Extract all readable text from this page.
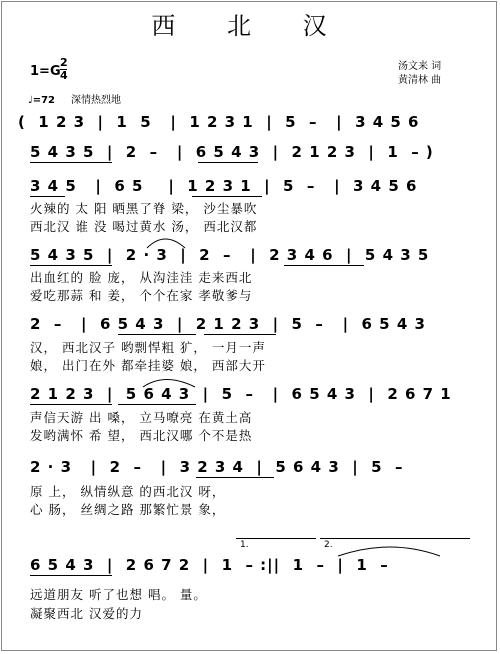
西 北 汉
1=G
2
4
汤文来 词
黄清林 曲
♩=72 深情热烈地
(  1 2 3  |  1  5   |  1 2 3 1  |  5  –   |  3 4 5 6
5 4 3 5  |  2  –   |  6 5 4 3  |  2 1 2 3  |  1  – )
3 4 5   |  6 5    |  1 2 3 1  |  5  –   |  3 4 5 6
火辣的 太 阳 晒黑了脊 梁， 沙尘暴吹
西北汉 谁 没 喝过黄水 汤， 西北汉都
5 4 3 5  |  2 · 3  |  2  –   |  2 3 4 6  |  5 4 3 5
出血红的 脸 庞， 从沟洼洼 走来西北
爱吃那蒜 和 姜， 个个在家 孝敬爹与
2  –   |  6 5 4 3  |  2 1 2 3  |  5  –   |  6 5 4 3
汉， 西北汉子 哟剽悍粗 犷， 一月一声
娘， 出门在外 都牵挂婆 娘， 西部大开
2 1 2 3  |  5 6 4 3  |  5  –   |  6 5 4 3  |  2 6 7 1
声信天游 出 嗓， 立马嘹亮 在黄土高
发哟满怀 希 望， 西北汉哪 个不是热
2 · 3   |  2  –   |  3 2 3 4  |  5 6 4 3  |  5  –
原 上， 纵情纵意 的西北汉 呀，
心 肠， 丝绸之路 那繁忙景 象，
1.	2.
6 5 4 3  |  2 6 7 2  |  1  – :||  1  –  |  1  –
远道朋友 听了也想 唱。 量。
凝聚西北 汉爱的力
